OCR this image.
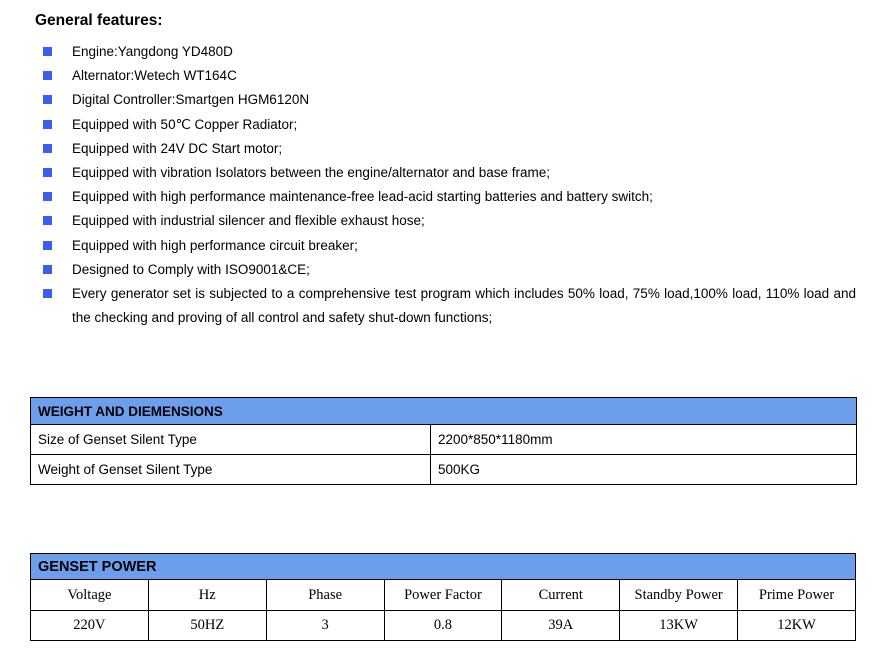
General features:
Engine:Yangdong YD480D
Alternator:Wetech WT164C
Digital Controller:Smartgen HGM6120N
Equipped with 50℃ Copper Radiator;
Equipped with 24V DC Start motor;
Equipped with vibration Isolators between the engine/alternator and base frame;
Equipped with high performance maintenance-free lead-acid starting batteries and battery switch;
Equipped with industrial silencer and flexible exhaust hose;
Equipped with high performance circuit breaker;
Designed to Comply with ISO9001&CE;
Every generator set is subjected to a comprehensive test program which includes 50% load, 75% load,100% load, 110% load and the checking and proving of all control and safety shut-down functions;
WEIGHT AND DIEMENSIONS	
Size of Genset Silent Type	2200*850*1180mm
Weight of Genset Silent Type	500KG
GENSET POWER						
Voltage	Hz	Phase	Power Factor	Current	Standby Power	Prime Power
220V	50HZ	3	0.8	39A	13KW	12KW
